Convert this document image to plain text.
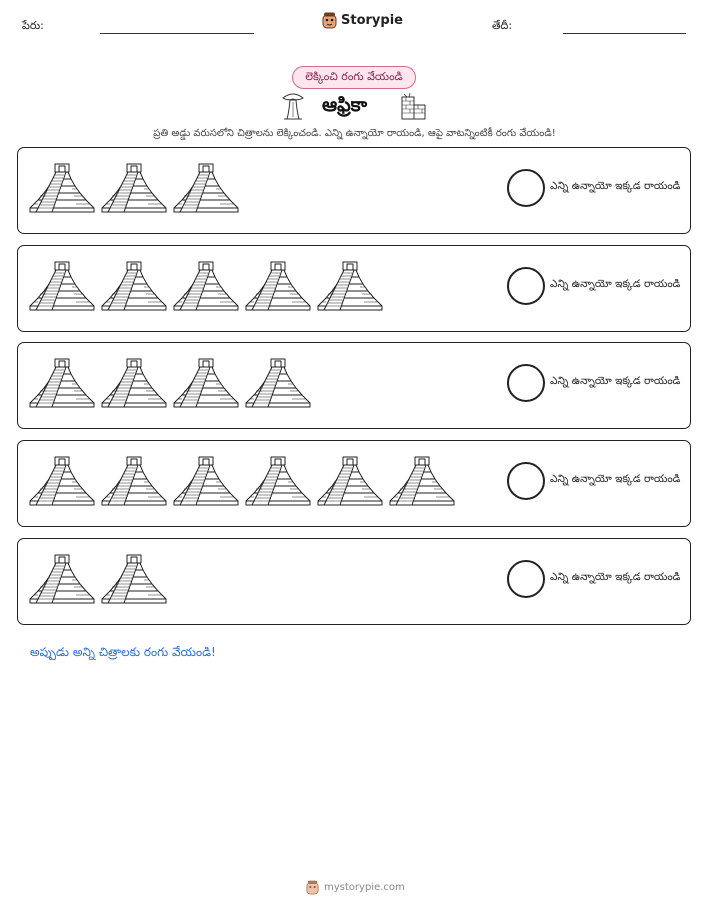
పేరు:	Storypie	తేదీ:
లెక్కించి రంగు వేయండి
ఆఫ్రికా
ప్రతి అడ్డు వరుసలోని చిత్రాలను లెక్కించండి. ఎన్ని ఉన్నాయో రాయండి, ఆపై వాటన్నింటికీ రంగు వేయండి!
ఎన్ని ఉన్నాయో ఇక్కడ రాయండి
ఎన్ని ఉన్నాయో ఇక్కడ రాయండి
ఎన్ని ఉన్నాయో ఇక్కడ రాయండి
ఎన్ని ఉన్నాయో ఇక్కడ రాయండి
ఎన్ని ఉన్నాయో ఇక్కడ రాయండి
అప్పుడు అన్ని చిత్రాలకు రంగు వేయండి!
mystorypie.com
